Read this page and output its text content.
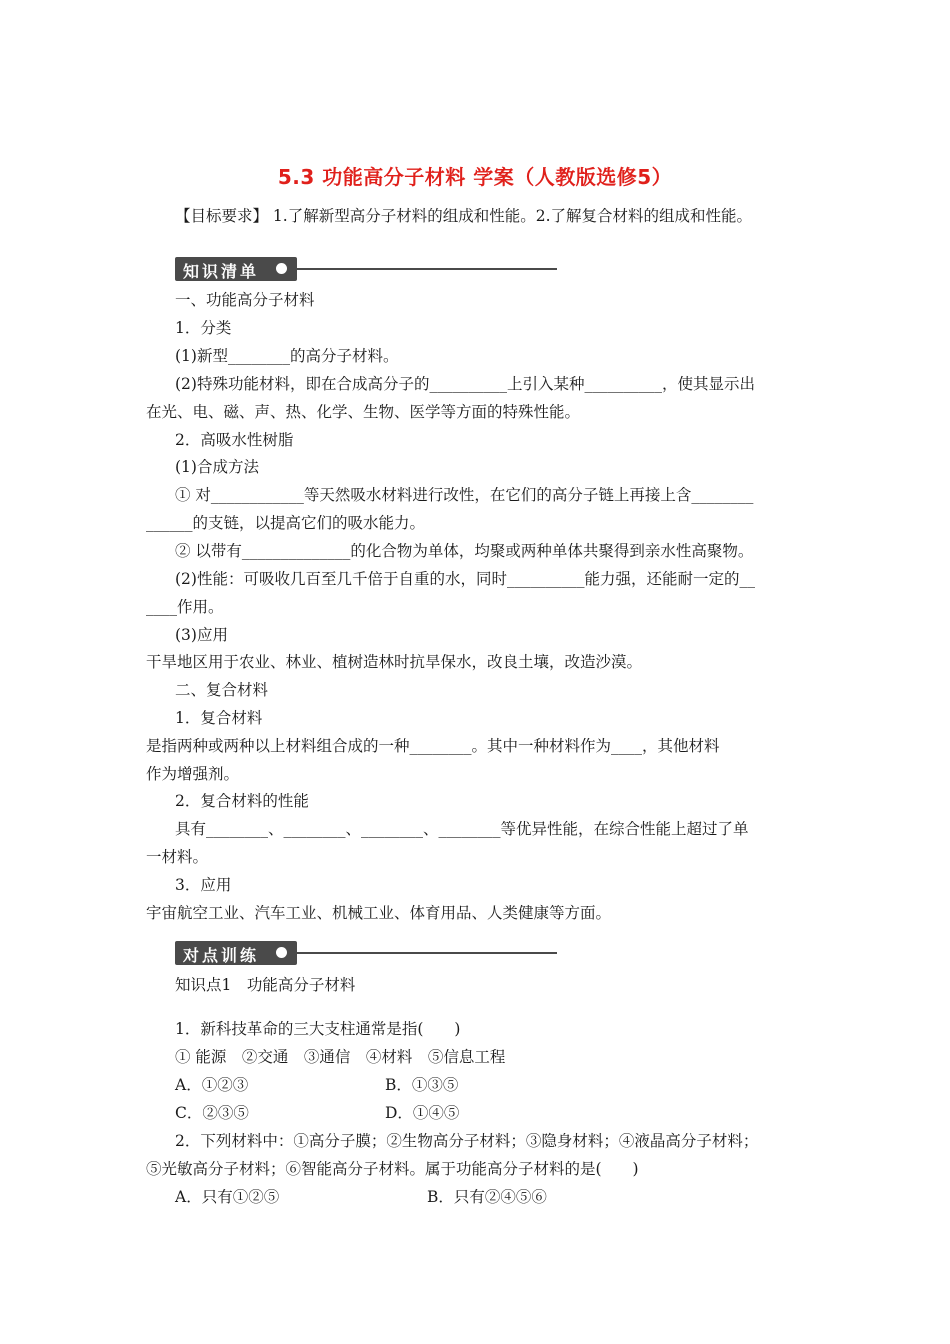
5.3 功能高分子材料 学案（人教版选修5）
【目标要求】 1.了解新型高分子材料的组成和性能。2.了解复合材料的组成和性能。
知识清单
一、功能高分子材料
1．分类
(1)新型________的高分子材料。
(2)特殊功能材料，即在合成高分子的__________上引入某种__________，使其显示出
在光、电、磁、声、热、化学、生物、医学等方面的特殊性能。
2．高吸水性树脂
(1)合成方法
① 对____________等天然吸水材料进行改性，在它们的高分子链上再接上含________
______的支链，以提高它们的吸水能力。
② 以带有______________的化合物为单体，均聚或两种单体共聚得到亲水性高聚物。
(2)性能：可吸收几百至几千倍于自重的水，同时__________能力强，还能耐一定的__
____作用。
(3)应用
干旱地区用于农业、林业、植树造林时抗旱保水，改良土壤，改造沙漠。
二、复合材料
1．复合材料
是指两种或两种以上材料组合成的一种________。其中一种材料作为____，其他材料
作为增强剂。
2．复合材料的性能
具有________、________、________、________等优异性能，在综合性能上超过了单
一材料。
3．应用
宇宙航空工业、汽车工业、机械工业、体育用品、人类健康等方面。
对点训练
知识点1　功能高分子材料
1．新科技革命的三大支柱通常是指(　　)
① 能源　②交通　③通信　④材料　⑤信息工程
A．①②③	B．①③⑤
C．②③⑤	D．①④⑤
2．下列材料中：①高分子膜；②生物高分子材料；③隐身材料；④液晶高分子材料；
⑤光敏高分子材料；⑥智能高分子材料。属于功能高分子材料的是(　　)
A．只有①②⑤	B．只有②④⑤⑥
